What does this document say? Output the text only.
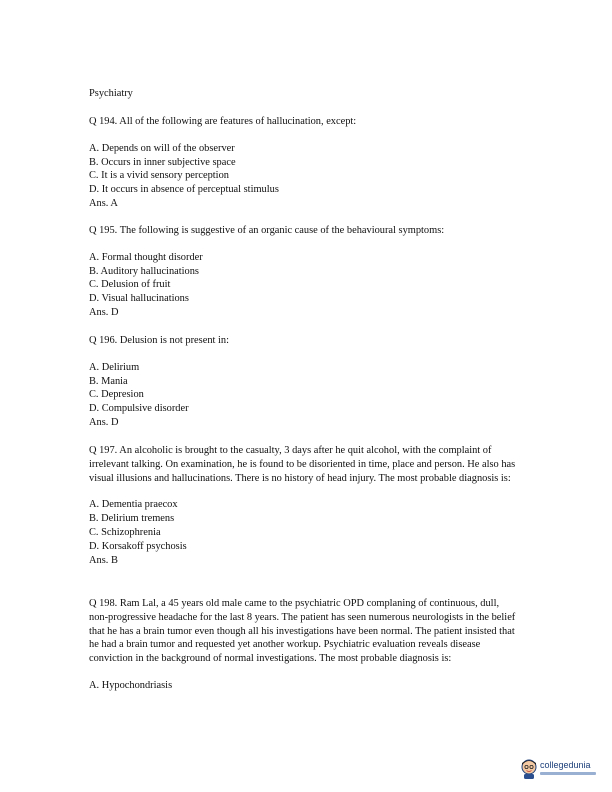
Psychiatry

Q 194. All of the following are features of hallucination, except:

A. Depends on will of the observer
B. Occurs in inner subjective space
C. It is a vivid sensory perception
D. It occurs in absence of perceptual stimulus
Ans. A

Q 195. The following is suggestive of an organic cause of the behavioural symptoms:

A. Formal thought disorder
B. Auditory hallucinations
C. Delusion of fruit
D. Visual hallucinations
Ans. D

Q 196. Delusion is not present in:

A. Delirium
B. Mania
C. Depresion
D. Compulsive disorder
Ans. D

Q 197. An alcoholic is brought to the casualty, 3 days after he quit alcohol, with the complaint of irrelevant talking. On examination, he is found to be disoriented in time, place and person. He also has visual illusions and hallucinations. There is no history of head injury. The most probable diagnosis is:

A. Dementia praecox
B. Delirium tremens
C. Schizophrenia
D. Korsakoff psychosis
Ans. B

Q 198. Ram Lal, a 45 years old male came to the psychiatric OPD complaning of continuous, dull, non-progressive headache for the last 8 years. The patient has seen numerous neurologists in the belief that he has a brain tumor even though all his investigations have been normal. The patient insisted that he had a brain tumor and requested yet another workup. Psychiatric evaluation reveals disease conviction in the background of normal investigations. The most probable diagnosis is:

A. Hypochondriasis
collegedunia
